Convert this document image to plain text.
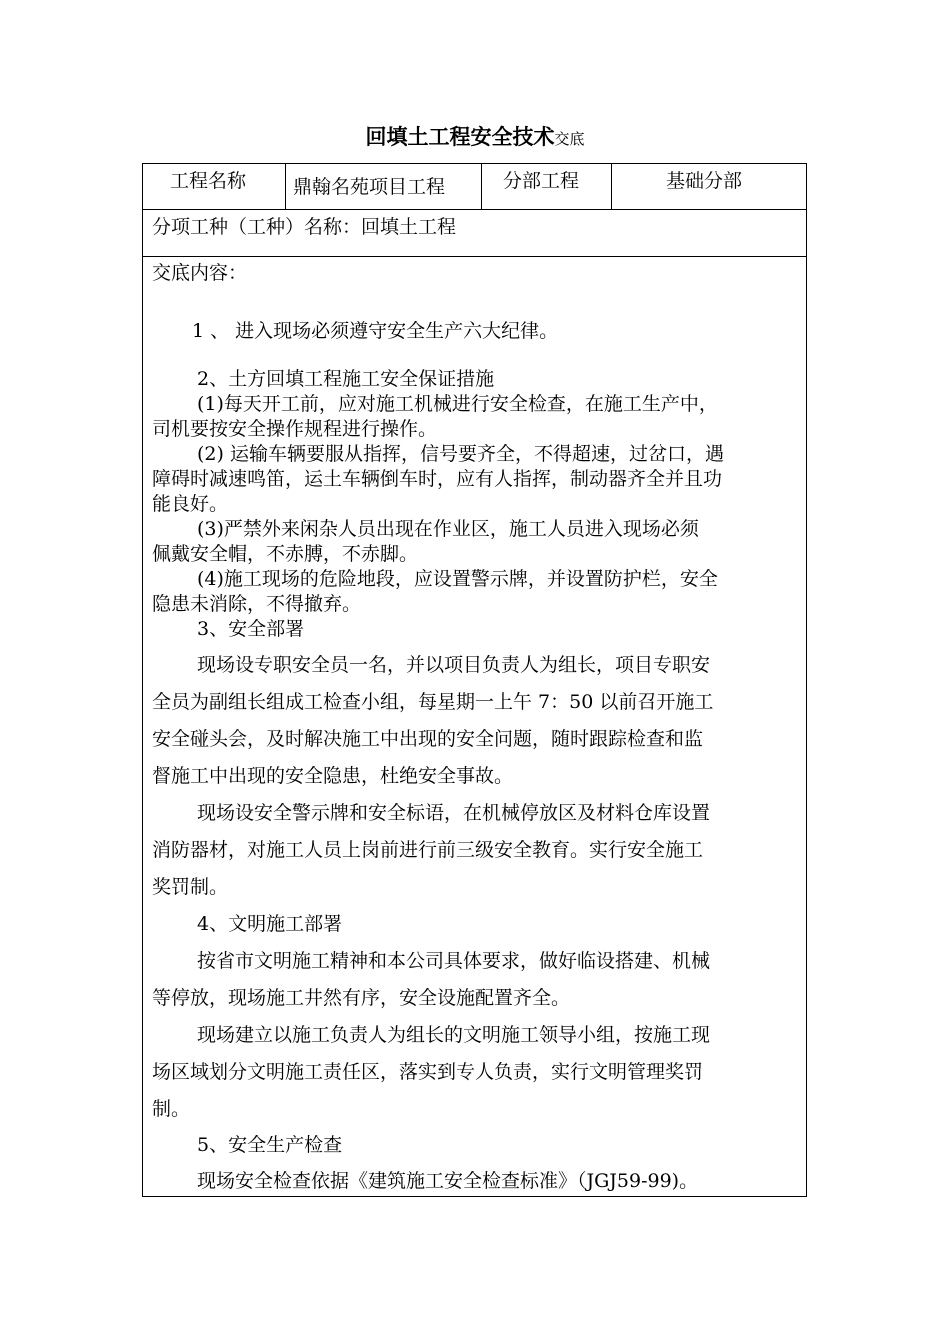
回填土工程安全技术交底
工程名称 鼎翰名苑项目工程	分部工程	基础分部
分项工种（工种）名称：回填土工程
交底内容：
1 、 进入现场必须遵守安全生产六大纪律。
2、土方回填工程施工安全保证措施
(1)每天开工前，应对施工机械进行安全检查，在施工生产中，
司机要按安全操作规程进行操作。
(2) 运输车辆要服从指挥，信号要齐全，不得超速，过岔口，遇
障碍时减速鸣笛，运土车辆倒车时，应有人指挥，制动器齐全并且功
能良好。
(3)严禁外来闲杂人员出现在作业区，施工人员进入现场必须
佩戴安全帽，不赤膊，不赤脚。
(4)施工现场的危险地段，应设置警示牌，并设置防护栏，安全
隐患未消除，不得撤弃。
3、安全部署
现场设专职安全员一名，并以项目负责人为组长，项目专职安
全员为副组长组成工检查小组，每星期一上午 7：50 以前召开施工
安全碰头会，及时解决施工中出现的安全问题，随时跟踪检查和监
督施工中出现的安全隐患，杜绝安全事故。
现场设安全警示牌和安全标语，在机械停放区及材料仓库设置
消防器材，对施工人员上岗前进行前三级安全教育。实行安全施工
奖罚制。
4、文明施工部署
按省市文明施工精神和本公司具体要求，做好临设搭建、机械
等停放，现场施工井然有序，安全设施配置齐全。
现场建立以施工负责人为组长的文明施工领导小组，按施工现
场区域划分文明施工责任区，落实到专人负责，实行文明管理奖罚
制。
5、安全生产检查
现场安全检查依据《建筑施工安全检查标准》（JGJ59-99)。
